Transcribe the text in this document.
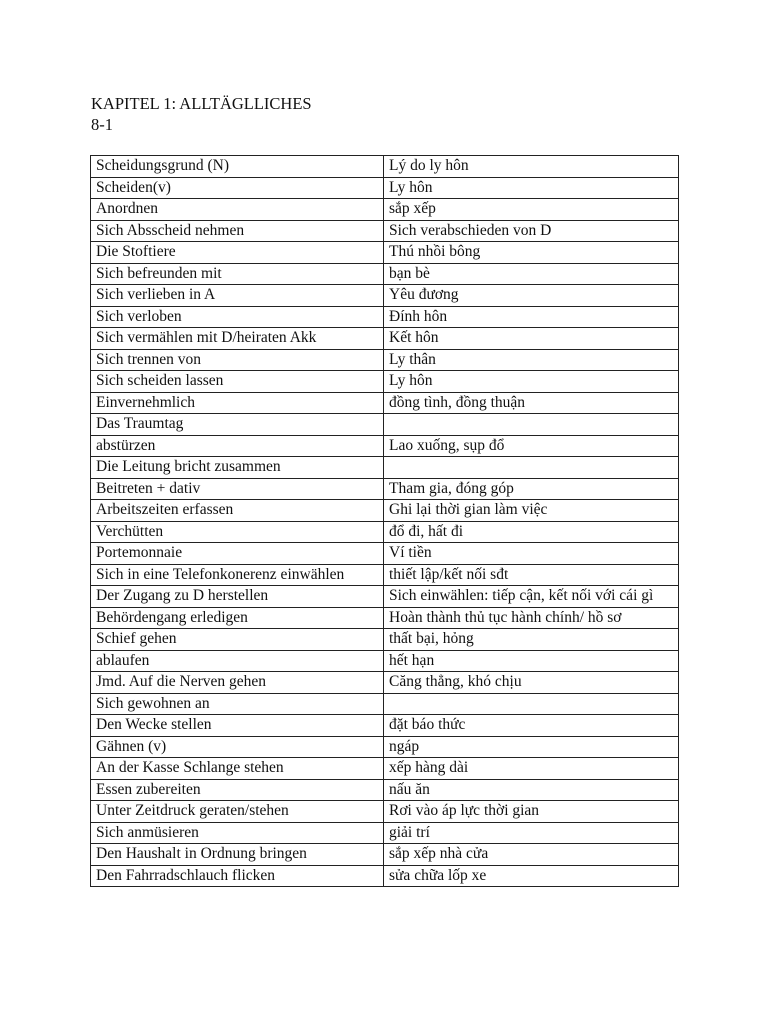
KAPITEL 1: ALLTÄGLLICHES
8-1
Scheidungsgrund (N)	Lý do ly hôn
Scheiden(v)	Ly hôn
Anordnen	sắp xếp
Sich Absscheid nehmen	Sich verabschieden von D
Die Stoftiere	Thú nhồi bông
Sich befreunden mit	bạn bè
Sich verlieben in A	Yêu đương
Sich verloben	Đính hôn
Sich vermählen mit D/heiraten Akk	Kết hôn
Sich trennen von	Ly thân
Sich scheiden lassen	Ly hôn
Einvernehmlich	đồng tình, đồng thuận
Das Traumtag	
abstürzen	Lao xuống, sụp đổ
Die Leitung bricht zusammen	
Beitreten + dativ	Tham gia, đóng góp
Arbeitszeiten erfassen	Ghi lại thời gian làm việc
Verchütten	đổ đi, hất đi
Portemonnaie	Ví tiền
Sich in eine Telefonkonerenz einwählen	thiết lập/kết nối sđt
Der Zugang zu D herstellen	Sich einwählen: tiếp cận, kết nối với cái gì
Behördengang erledigen	Hoàn thành thủ tục hành chính/ hồ sơ
Schief gehen	thất bại, hỏng
ablaufen	hết hạn
Jmd. Auf die Nerven gehen	Căng thẳng, khó chịu
Sich gewohnen an	
Den Wecke stellen	đặt báo thức
Gähnen (v)	ngáp
An der Kasse Schlange stehen	xếp hàng dài
Essen zubereiten	nấu ăn
Unter Zeitdruck geraten/stehen	Rơi vào áp lực thời gian
Sich anmüsieren	giải trí
Den Haushalt in Ordnung bringen	sắp xếp nhà cửa
Den Fahrradschlauch flicken	sửa chữa lốp xe
